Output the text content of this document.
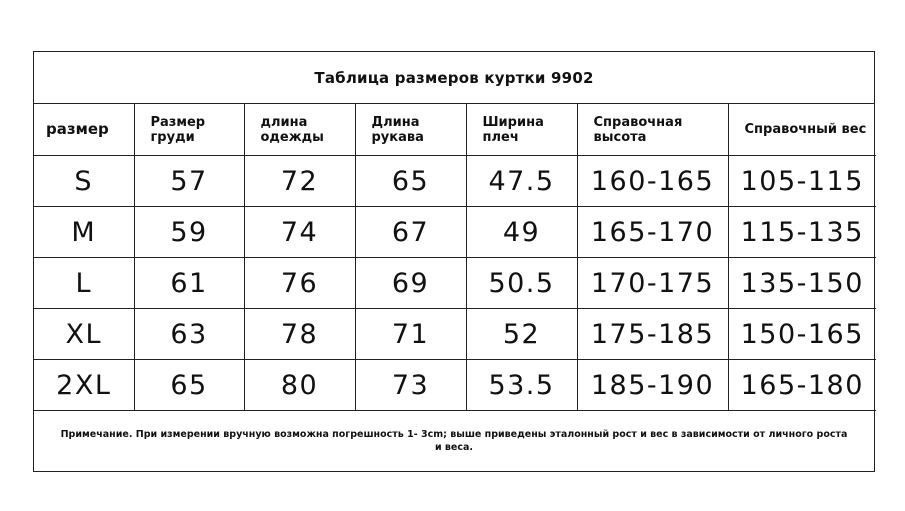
Таблица размеров куртки 9902
размер	Размер груди	длина одежды	Длина рукава	Ширина плеч	Справочная высота	Справочный вес

S	57	72	65	47.5	160-165	105-115
M	59	74	67	49	165-170	115-135
L	61	76	69	50.5	170-175	135-150
XL	63	78	71	52	175-185	150-165
2XL	65	80	73	53.5	185-190	165-180
Примечание. При измерении вручную возможна погрешность 1- 3cm; выше приведены эталонный рост и вес в зависимости от личного роста и веса.
